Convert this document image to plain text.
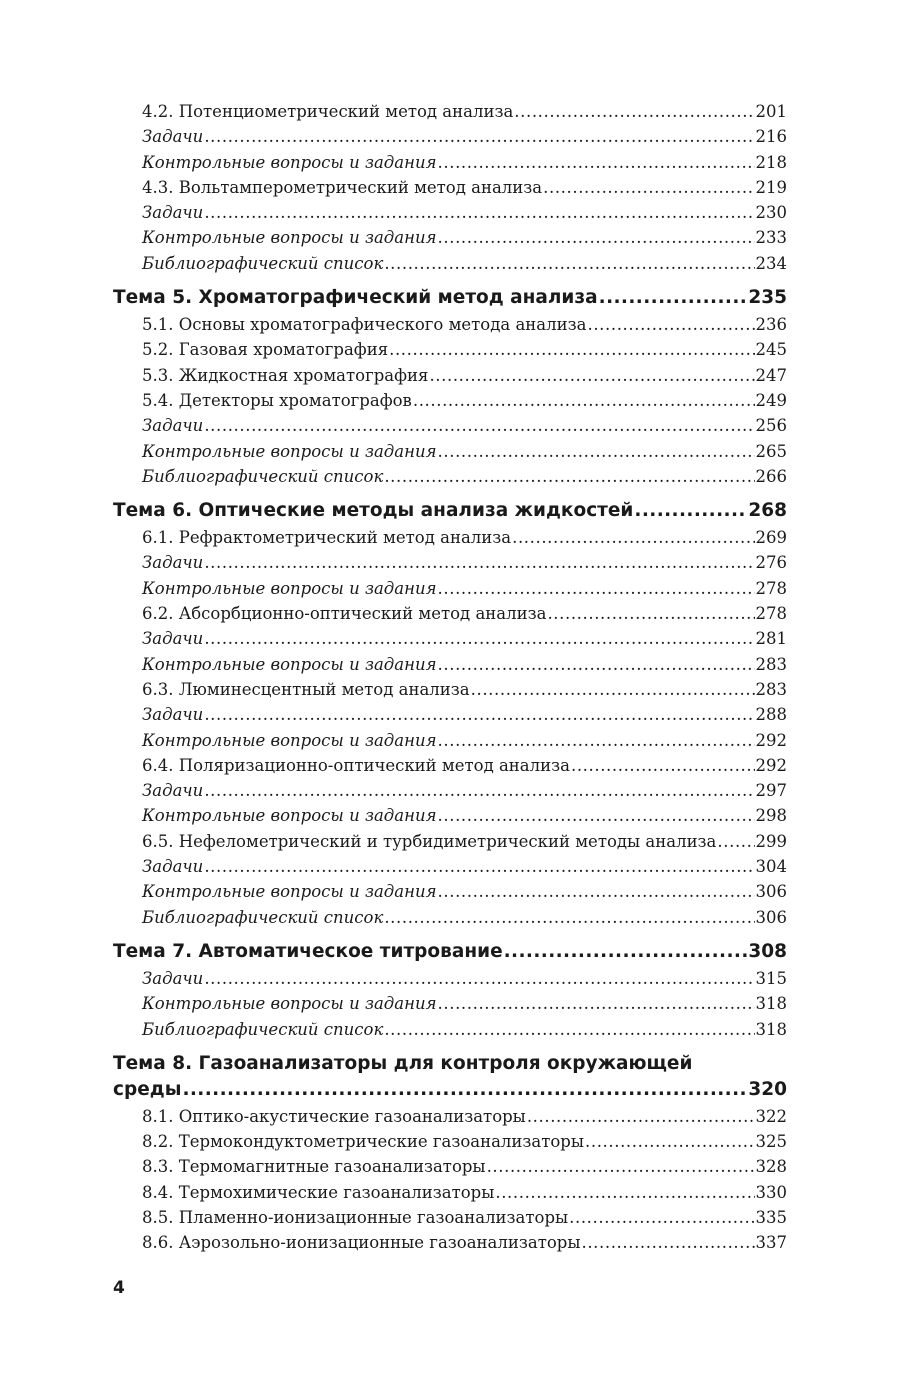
4.2. Потенциометрический метод анализа .....	201
Задачи .....	216
Контрольные вопросы и задания .....	218
4.3. Вольтамперометрический метод анализа .....	219
Задачи .....	230
Контрольные вопросы и задания .....	233
Библиографический список .....	234
Тема 5. Хроматографический метод анализа .....	235
5.1. Основы хроматографического метода анализа .....	236
5.2. Газовая хроматография .....	245
5.3. Жидкостная хроматография .....	247
5.4. Детекторы хроматографов .....	249
Задачи .....	256
Контрольные вопросы и задания .....	265
Библиографический список .....	266
Тема 6. Оптические методы анализа жидкостей .....	268
6.1. Рефрактометрический метод анализа .....	269
Задачи .....	276
Контрольные вопросы и задания .....	278
6.2. Абсорбционно-оптический метод анализа .....	278
Задачи .....	281
Контрольные вопросы и задания .....	283
6.3. Люминесцентный метод анализа .....	283
Задачи .....	288
Контрольные вопросы и задания .....	292
6.4. Поляризационно-оптический метод анализа .....	292
Задачи .....	297
Контрольные вопросы и задания .....	298
6.5. Нефелометрический и турбидиметрический методы анализа ..... 299
Задачи .....	304
Контрольные вопросы и задания .....	306
Библиографический список .....	306
Тема 7. Автоматическое титрование .....	308
Задачи .....	315
Контрольные вопросы и задания .....	318
Библиографический список .....	318
Тема 8. Газоанализаторы для контроля окружающей
среды .....	320
8.1. Оптико-акустические газоанализаторы .....	322
8.2. Термокондуктометрические газоанализаторы .....	325
8.3. Термомагнитные газоанализаторы .....	328
8.4. Термохимические газоанализаторы .....	330
8.5. Пламенно-ионизационные газоанализаторы .....	335
8.6. Аэрозольно-ионизационные газоанализаторы .....	337
4
